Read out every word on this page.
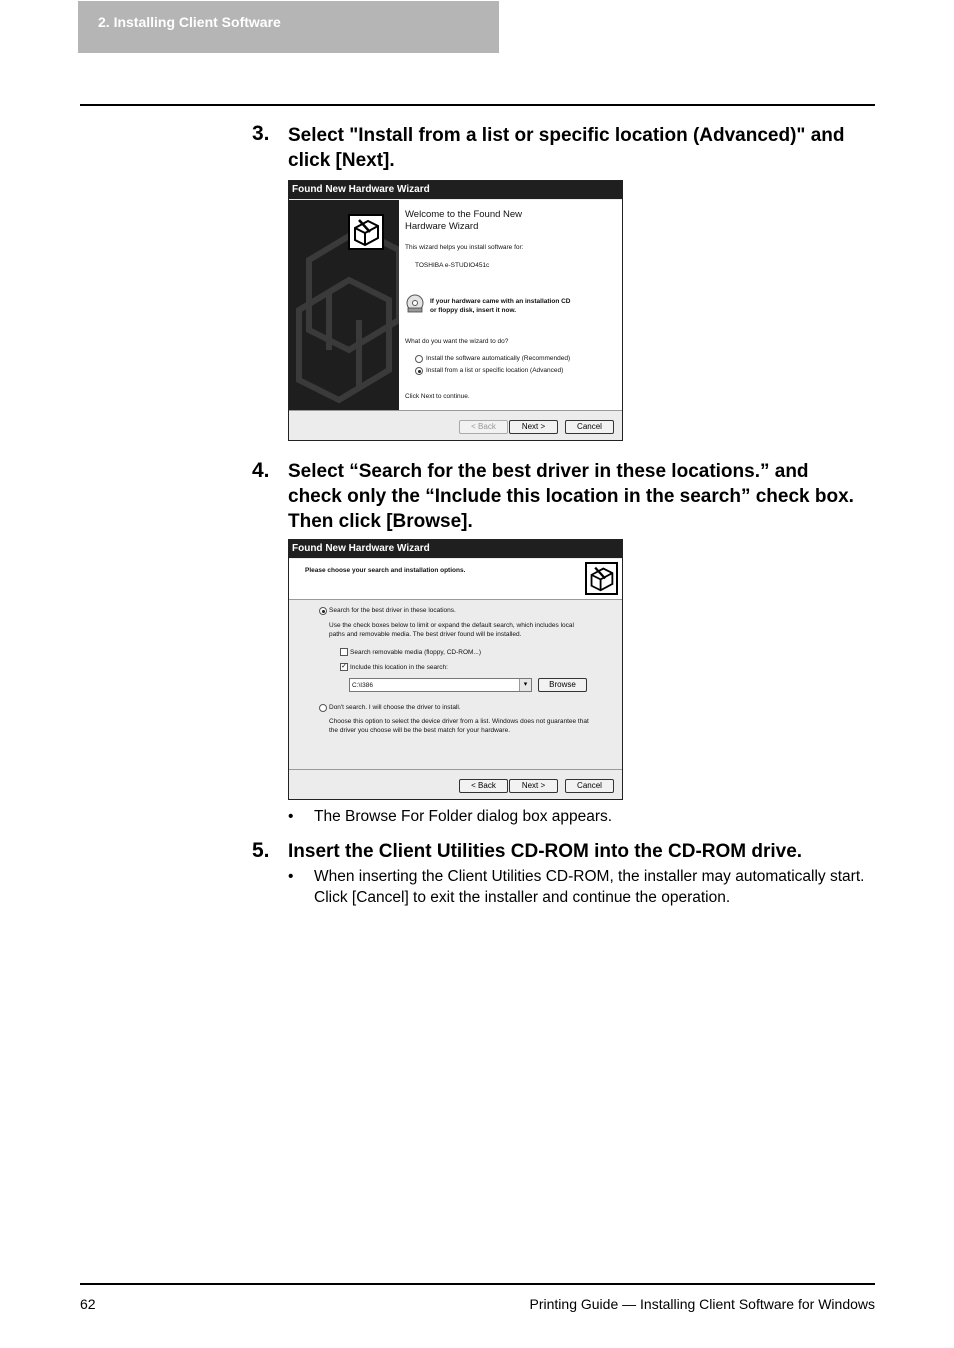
2. Installing Client Software
3. Select "Install from a list or specific location (Advanced)" and click [Next].
Found New Hardware Wizard
Welcome to the Found New
Hardware Wizard
This wizard helps you install software for:
TOSHIBA e-STUDIO451c
If your hardware came with an installation CD
or floppy disk, insert it now.
What do you want the wizard to do?
Install the software automatically (Recommended)
Install from a list or specific location (Advanced)
Click Next to continue.
< Back	Next >	Cancel
4. Select “Search for the best driver in these locations.” and check only the “Include this location in the search” check box. Then click [Browse].
Found New Hardware Wizard
Please choose your search and installation options.
Search for the best driver in these locations.
Use the check boxes below to limit or expand the default search, which includes local
paths and removable media. The best driver found will be installed.
Search removable media (floppy, CD-ROM...)
✓ Include this location in the search:
C:\I386	▾	Browse
Don't search. I will choose the driver to install.
Choose this option to select the device driver from a list. Windows does not guarantee that
the driver you choose will be the best match for your hardware.
< Back	Next >	Cancel
• The Browse For Folder dialog box appears.
5. Insert the Client Utilities CD-ROM into the CD-ROM drive.
• When inserting the Client Utilities CD-ROM, the installer may automatically start. Click [Cancel] to exit the installer and continue the operation.
62	Printing Guide — Installing Client Software for Windows
